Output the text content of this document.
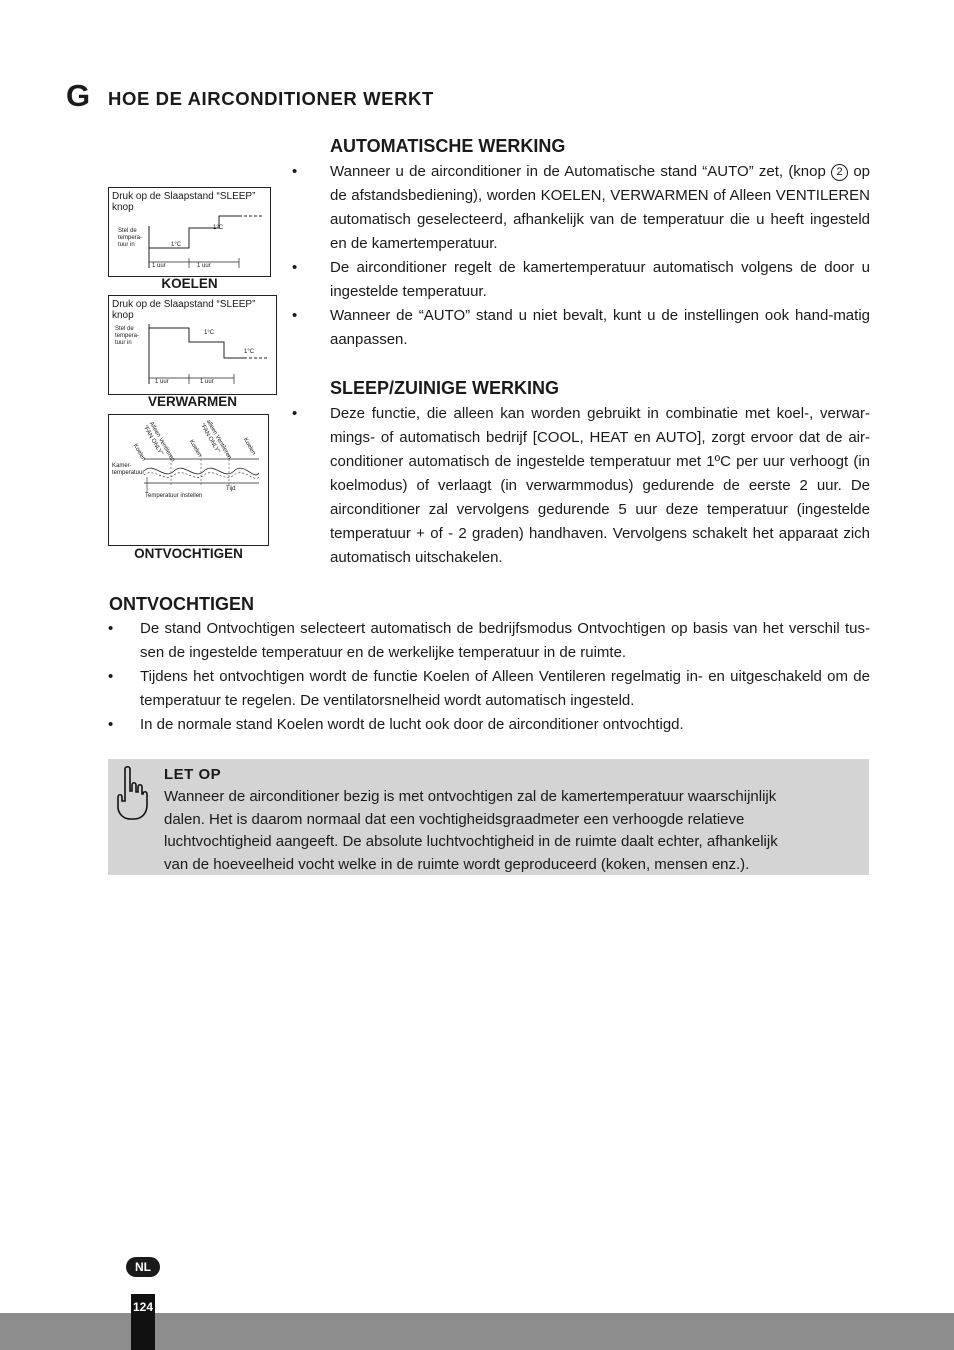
G HOE DE AIRCONDITIONER WERKT
AUTOMATISCHE WERKING
• Wanneer u de airconditioner in de Automatische stand “AUTO” zet, (knop 2 op de afstandsbediening), worden KOELEN, VERWARMEN of Alleen VENTILEREN automatisch geselecteerd, afhankelijk van de temperatuur die u heeft ingesteld en de kamertemperatuur.
• De airconditioner regelt de kamertemperatuur automatisch volgens de door u ingestelde temperatuur.
• Wanneer de “AUTO” stand u niet bevalt, kunt u de instellingen ook hand-matig aanpassen.
SLEEP/ZUINIGE WERKING
• Deze functie, die alleen kan worden gebruikt in combinatie met koel-, verwar-mings- of automatisch bedrijf [COOL, HEAT en AUTO], zorgt ervoor dat de air-conditioner automatisch de ingestelde temperatuur met 1ºC per uur verhoogt (in koelmodus) of verlaagt (in verwarmmodus) gedurende de eerste 2 uur. De airconditioner zal vervolgens gedurende 5 uur deze temperatuur (ingestelde temperatuur + of - 2 graden) handhaven. Vervolgens schakelt het apparaat zich automatisch uitschakelen.
Druk op de Slaapstand “SLEEP” knop
Stel de tempera-tuur in	1°C
1°C
1 uur	1 uur
KOELEN
Druk op de Slaapstand “SLEEP” knop
Stel de tempera-tuur in
1°C
1°C
1 uur	1 uur
VERWARMEN
Kamer-temperatuur
Temperatuur instellen
Tijd
Koelen Alleen Ventileren “FAN ONLY”	Koelen alleen Ventileren “FAN ONLY”	Koelen
ONTVOCHTIGEN
ONTVOCHTIGEN
• De stand Ontvochtigen selecteert automatisch de bedrijfsmodus Ontvochtigen op basis van het verschil tus-sen de ingestelde temperatuur en de werkelijke temperatuur in de ruimte.
• Tijdens het ontvochtigen wordt de functie Koelen of Alleen Ventileren regelmatig in- en uitgeschakeld om de temperatuur te regelen. De ventilatorsnelheid wordt automatisch ingesteld.
• In de normale stand Koelen wordt de lucht ook door de airconditioner ontvochtigd.
LET OP
Wanneer de airconditioner bezig is met ontvochtigen zal de kamertemperatuur waarschijnlijk
dalen. Het is daarom normaal dat een vochtigheidsgraadmeter een verhoogde relatieve
luchtvochtigheid aangeeft. De absolute luchtvochtigheid in de ruimte daalt echter, afhankelijk
van de hoeveelheid vocht welke in de ruimte wordt geproduceerd (koken, mensen enz.).
NL
124
